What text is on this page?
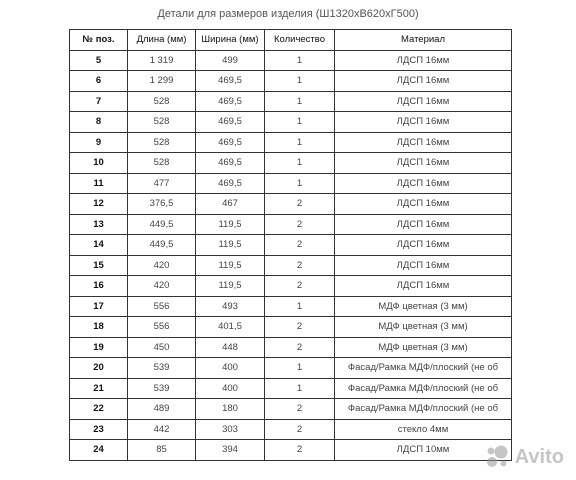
Детали для размеров изделия (Ш1320хВ620хГ500)
№ поз.	Длина (мм)	Ширина (мм)	Количество	Материал
5	1 319	499	1	ЛДСП 16мм
6	1 299	469,5	1	ЛДСП 16мм
7	528	469,5	1	ЛДСП 16мм
8	528	469,5	1	ЛДСП 16мм
9	528	469,5	1	ЛДСП 16мм
10	528	469,5	1	ЛДСП 16мм
11	477	469,5	1	ЛДСП 16мм
12	376,5	467	2	ЛДСП 16мм
13	449,5	119,5	2	ЛДСП 16мм
14	449,5	119,5	2	ЛДСП 16мм
15	420	119,5	2	ЛДСП 16мм
16	420	119,5	2	ЛДСП 16мм
17	556	493	1	МДФ цветная (3 мм)
18	556	401,5	2	МДФ цветная (3 мм)
19	450	448	2	МДФ цветная (3 мм)
20	539	400	1	Фасад/Рамка МДФ/плоский (не об
21	539	400	1	Фасад/Рамка МДФ/плоский (не об
22	489	180	2	Фасад/Рамка МДФ/плоский (не об
23	442	303	2	стекло 4мм
24	85	394	2	ЛДСП 10мм	Avito
